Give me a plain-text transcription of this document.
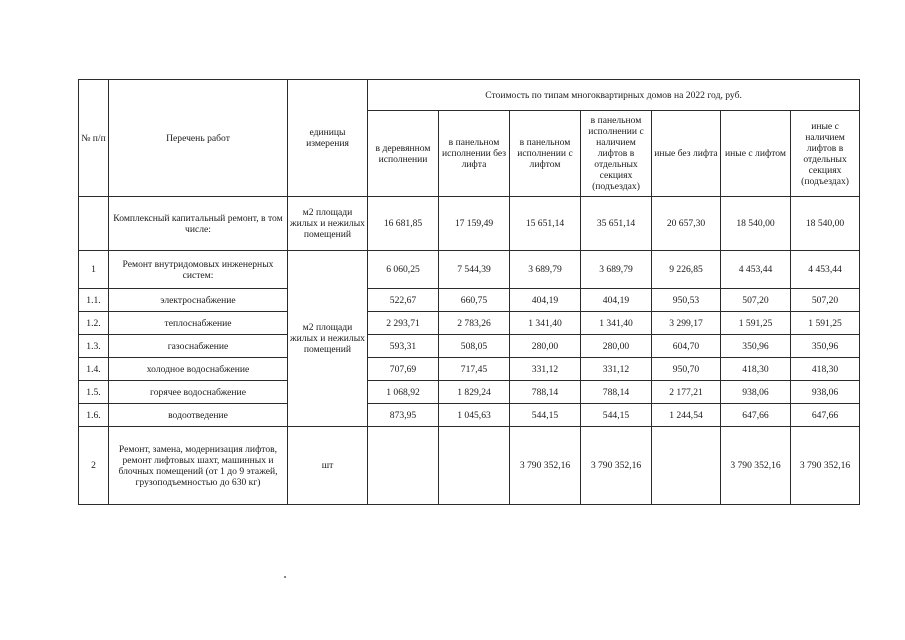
№ п/п	Перечень работ	единицы измерения	Стоимость по типам многоквартирных домов на 2022 год, руб.						
			в деревянном исполнении	в панельном исполнении без лифта	в панельном исполнении с лифтом	в панельном исполнении с наличием лифтов в отдельных секциях (подъездах)	иные без лифта	иные с лифтом	иные с наличием лифтов в отдельных секциях (подъездах)
	Комплексный капитальный ремонт, в том числе:	м2 площади жилых и нежилых помещений	16 681,85	17 159,49	15 651,14	35 651,14	20 657,30	18 540,00	18 540,00
1	Ремонт внутридомовых инженерных систем:	м2 площади жилых и нежилых помещений	6 060,25	7 544,39	3 689,79	3 689,79	9 226,85	4 453,44	4 453,44
1.1.	электроснабжение		522,67	660,75	404,19	404,19	950,53	507,20	507,20
1.2.	теплоснабжение		2 293,71	2 783,26	1 341,40	1 341,40	3 299,17	1 591,25	1 591,25
1.3.	газоснабжение		593,31	508,05	280,00	280,00	604,70	350,96	350,96
1.4.	холодное водоснабжение		707,69	717,45	331,12	331,12	950,70	418,30	418,30
1.5.	горячее водоснабжение		1 068,92	1 829,24	788,14	788,14	2 177,21	938,06	938,06
1.6.	водоотведение		873,95	1 045,63	544,15	544,15	1 244,54	647,66	647,66
2	Ремонт, замена, модернизация лифтов, ремонт лифтовых шахт, машинных и блочных помещений (от 1 до 9 этажей, грузоподъемностью до 630 кг)	шт			3 790 352,16	3 790 352,16		3 790 352,16	3 790 352,16
